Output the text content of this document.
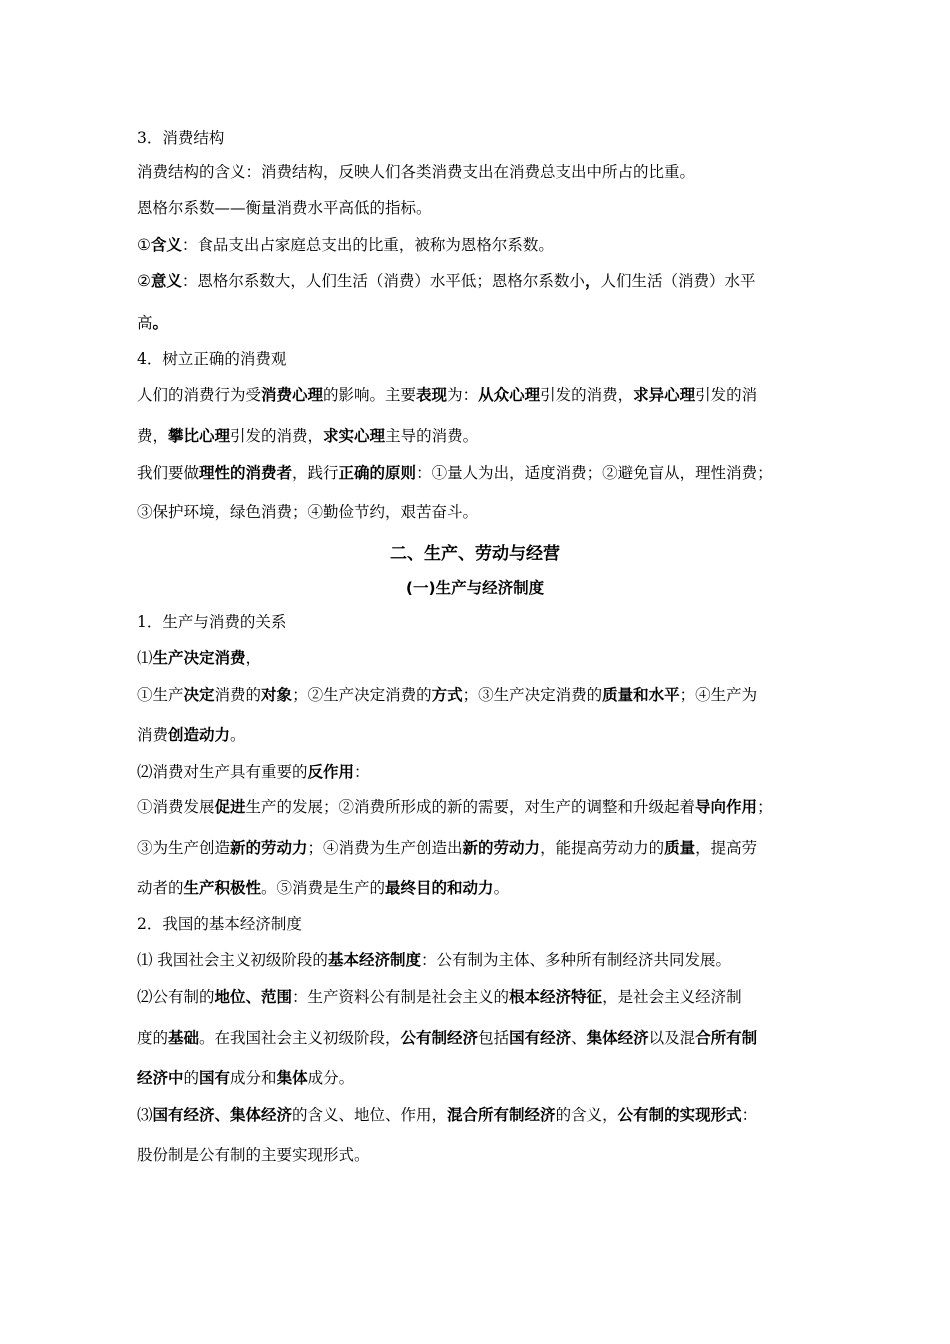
3．消费结构
消费结构的含义：消费结构，反映人们各类消费支出在消费总支出中所占的比重。
恩格尔系数——衡量消费水平高低的指标。
①含义：食品支出占家庭总支出的比重，被称为恩格尔系数。
②意义：恩格尔系数大，人们生活（消费）水平低；恩格尔系数小，人们生活（消费）水平
高。
4．树立正确的消费观
人们的消费行为受消费心理的影响。主要表现为：从众心理引发的消费，求异心理引发的消
费，攀比心理引发的消费，求实心理主导的消费。
我们要做理性的消费者，践行正确的原则：①量人为出，适度消费；②避免盲从，理性消费；
③保护环境，绿色消费；④勤俭节约，艰苦奋斗。
二、生产、劳动与经营
(一)生产与经济制度
1．生产与消费的关系
⑴生产决定消费，
①生产决定消费的对象；②生产决定消费的方式；③生产决定消费的质量和水平；④生产为
消费创造动力。
⑵消费对生产具有重要的反作用：
①消费发展促进生产的发展；②消费所形成的新的需要，对生产的调整和升级起着导向作用；
③为生产创造新的劳动力；④消费为生产创造出新的劳动力，能提高劳动力的质量，提高劳
动者的生产积极性。⑤消费是生产的最终目的和动力。
2．我国的基本经济制度
⑴ 我国社会主义初级阶段的基本经济制度：公有制为主体、多种所有制经济共同发展。
⑵公有制的地位、范围：生产资料公有制是社会主义的根本经济特征，是社会主义经济制
度的基础。在我国社会主义初级阶段，公有制经济包括国有经济、集体经济以及混合所有制
经济中的国有成分和集体成分。
⑶国有经济、集体经济的含义、地位、作用，混合所有制经济的含义，公有制的实现形式：
股份制是公有制的主要实现形式。
